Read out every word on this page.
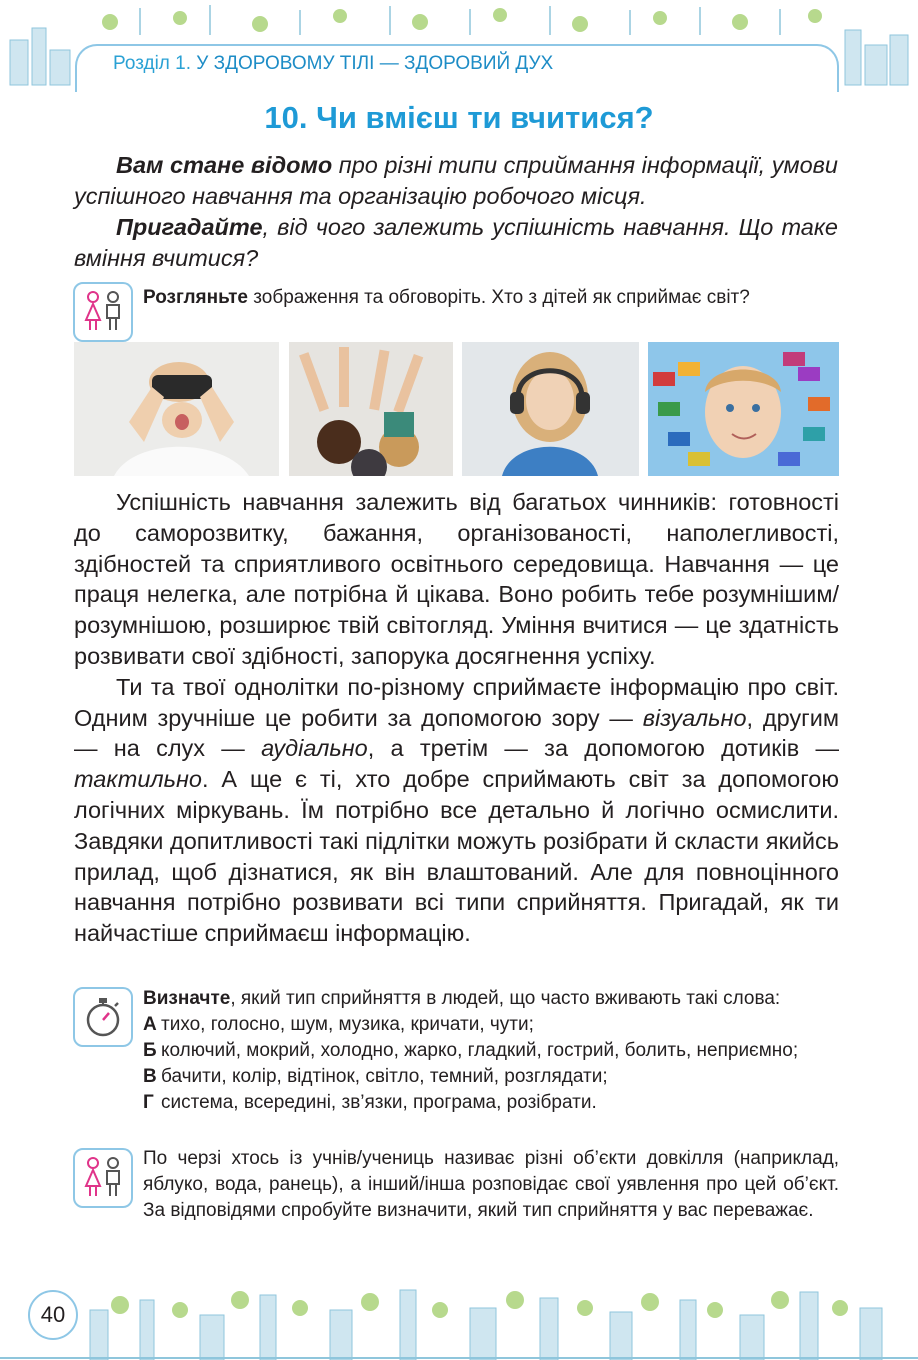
Розділ 1. У ЗДОРОВОМУ ТІЛІ — ЗДОРОВИЙ ДУХ
10. Чи вмієш ти вчитися?
Вам стане відомо про різні типи сприймання інформації, умови успішного навчання та організацію робочого місця.
Пригадайте, від чого залежить успішність навчання. Що таке вміння вчитися?
Розгляньте зображення та обговоріть. Хто з дітей як сприймає світ?

Успішність навчання залежить від багатьох чинників: готовності до саморозвитку, бажання, організованості, наполегливості, здібностей та сприятливого освітнього середовища. Навчання — це праця нелегка, але потрібна й цікава. Воно робить тебе розумнішим/розумнішою, розширює твій світогляд. Уміння вчитися — це здатність розвивати свої здібності, запорука досягнення успіху.

Ти та твої однолітки по-різному сприймаєте інформацію про світ. Одним зручніше це робити за допомогою зору — візуально, другим — на слух — аудіально, а третім — за допомогою дотиків — тактильно. А ще є ті, хто добре сприймають світ за допомогою логічних міркувань. Їм потрібно все детально й логічно осмислити. Завдяки допитливості такі підлітки можуть розібрати й скласти якийсь прилад, щоб дізнатися, як він влаштований. Але для повноцінного навчання потрібно розвивати всі типи сприйняття. Пригадай, як ти найчастіше сприймаєш інформацію.

Визначте, який тип сприйняття в людей, що часто вживають такі слова:
А тихо, голосно, шум, музика, кричати, чути;
Б колючий, мокрий, холодно, жарко, гладкий, гострий, болить, неприємно;
В бачити, колір, відтінок, світло, темний, розглядати;
Г система, всередині, зв’язки, програма, розібрати.
По черзі хтось із учнів/учениць називає різні об’єкти довкілля (наприклад, яблуко, вода, ранець), а інший/інша розповідає свої уявлення про цей об’єкт. За відповідями спробуйте визначити, який тип сприйняття у вас переважає.
40
